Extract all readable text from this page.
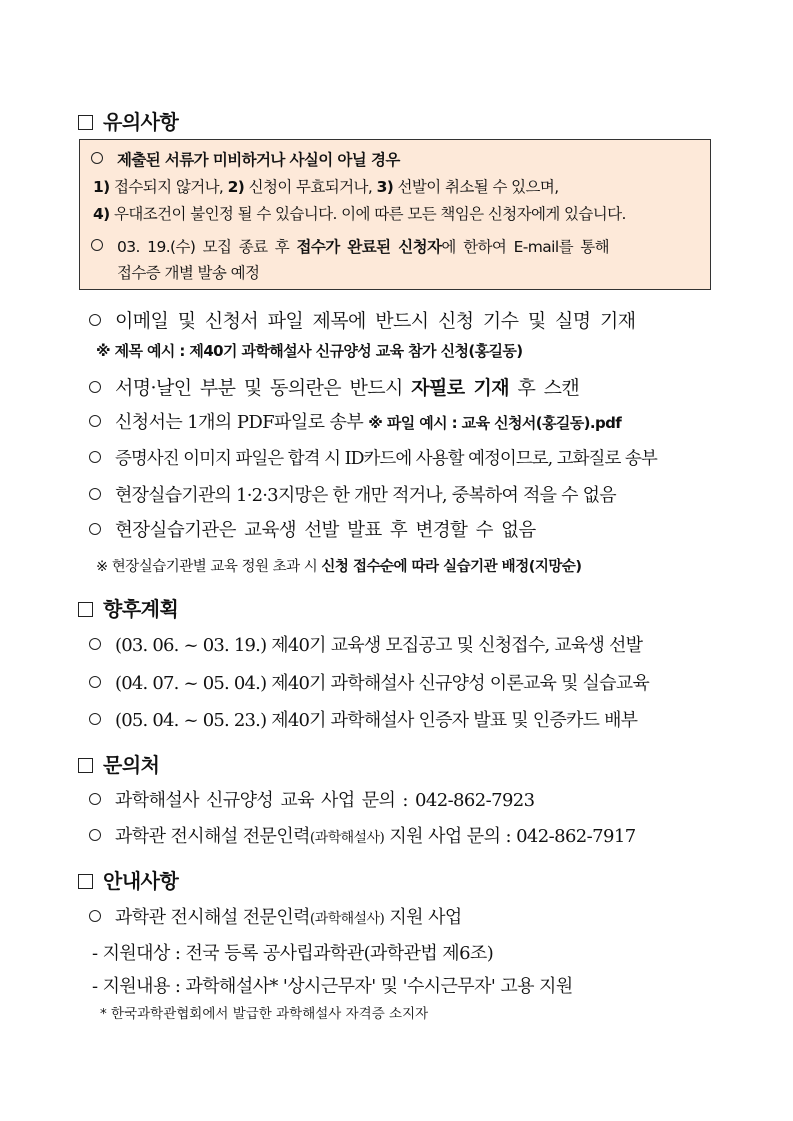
유의사항
제출된 서류가 미비하거나 사실이 아닐 경우
1) 접수되지 않거나, 2) 신청이 무효되거나, 3) 선발이 취소될 수 있으며,
4) 우대조건이 불인정 될 수 있습니다. 이에 따른 모든 책임은 신청자에게 있습니다.
03. 19.(수) 모집 종료 후 접수가 완료된 신청자에 한하여 E-mail를 통해
접수증 개별 발송 예정
이메일 및 신청서 파일 제목에 반드시 신청 기수 및 실명 기재
※ 제목 예시 : 제40기 과학해설사 신규양성 교육 참가 신청(홍길동)
서명·날인 부분 및 동의란은 반드시 자필로 기재 후 스캔
신청서는 1개의 PDF파일로 송부 ※ 파일 예시 : 교육 신청서(홍길동).pdf
증명사진 이미지 파일은 합격 시 ID카드에 사용할 예정이므로, 고화질로 송부
현장실습기관의 1·2·3지망은 한 개만 적거나, 중복하여 적을 수 없음
현장실습기관은 교육생 선발 발표 후 변경할 수 없음
※ 현장실습기관별 교육 정원 초과 시 신청 접수순에 따라 실습기관 배정(지망순)
향후계획
(03. 06. ~ 03. 19.) 제40기 교육생 모집공고 및 신청접수, 교육생 선발
(04. 07. ~ 05. 04.) 제40기 과학해설사 신규양성 이론교육 및 실습교육
(05. 04. ~ 05. 23.) 제40기 과학해설사 인증자 발표 및 인증카드 배부
문의처
과학해설사 신규양성 교육 사업 문의 : 042-862-7923
과학관 전시해설 전문인력(과학해설사) 지원 사업 문의 : 042-862-7917
안내사항
과학관 전시해설 전문인력(과학해설사) 지원 사업
- 지원대상 : 전국 등록 공사립과학관(과학관법 제6조)
- 지원내용 : 과학해설사* '상시근무자' 및 '수시근무자' 고용 지원
* 한국과학관협회에서 발급한 과학해설사 자격증 소지자
